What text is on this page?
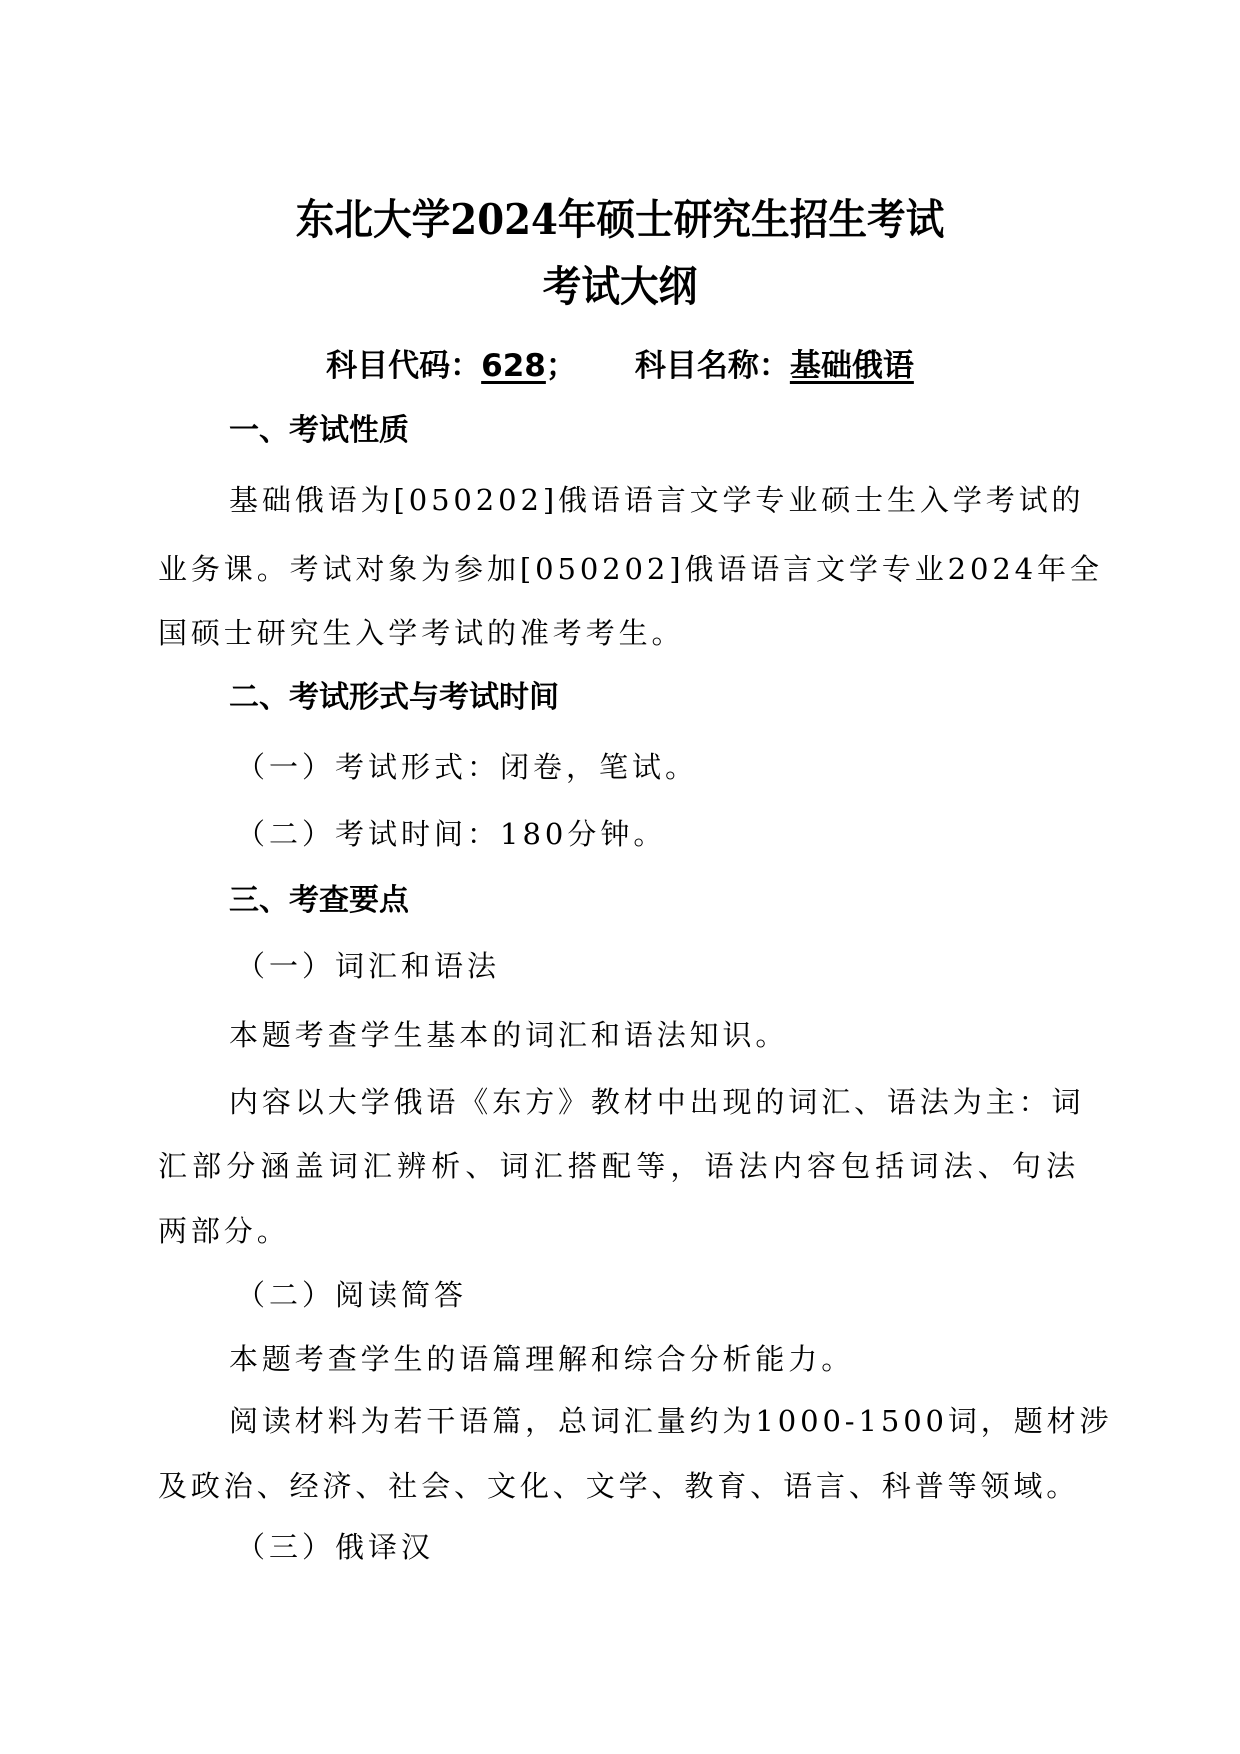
东北大学2024年硕士研究生招生考试
考试大纲
科目代码：628； 科目名称：基础俄语
一、考试性质
基础俄语为[050202]俄语语言文学专业硕士生入学考试的
业务课。考试对象为参加[050202]俄语语言文学专业2024年全
国硕士研究生入学考试的准考考生。
二、考试形式与考试时间
（一）考试形式：闭卷，笔试。
（二）考试时间：180分钟。
三、考查要点
（一）词汇和语法
本题考查学生基本的词汇和语法知识。
内容以大学俄语《东方》教材中出现的词汇、语法为主：词
汇部分涵盖词汇辨析、词汇搭配等，语法内容包括词法、句法
两部分。
（二）阅读简答
本题考查学生的语篇理解和综合分析能力。
阅读材料为若干语篇，总词汇量约为1000-1500词，题材涉
及政治、经济、社会、文化、文学、教育、语言、科普等领域。
（三）俄译汉
